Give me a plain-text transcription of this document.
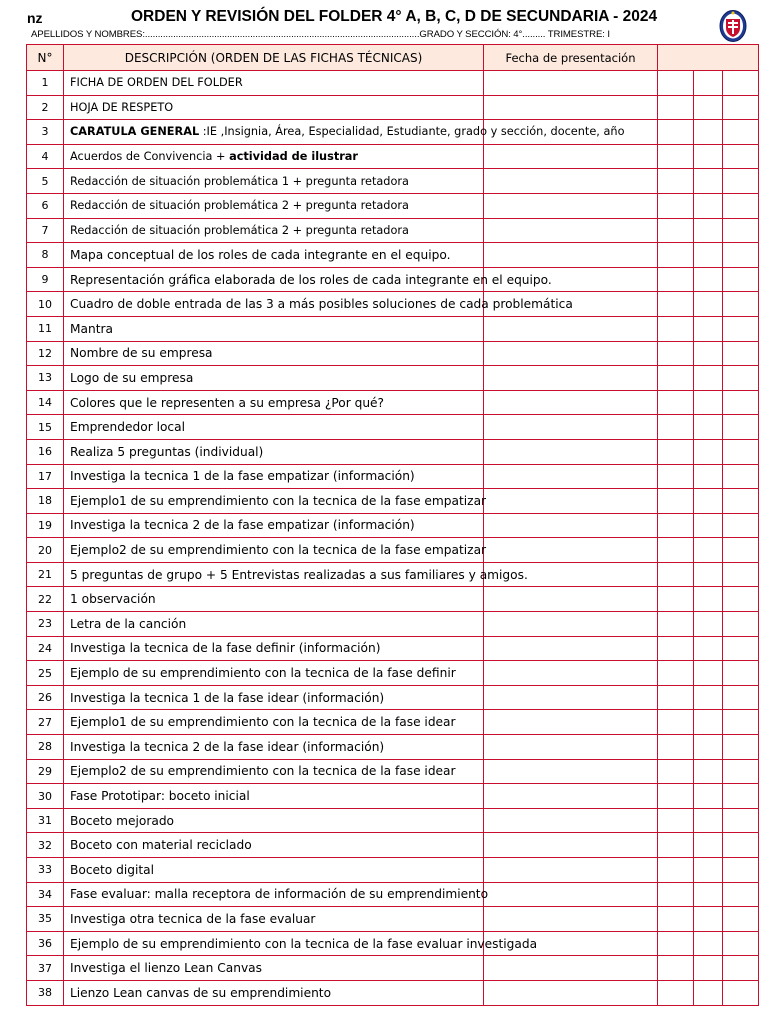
nz	ORDEN Y REVISIÓN DEL FOLDER 4° A, B, C, D DE SECUNDARIA - 2024
APELLIDOS Y NOMBRES:...........................................................................................................GRADO Y SECCIÓN: 4°......... TRIMESTRE: I
N°	DESCRIPCIÓN (ORDEN DE LAS FICHAS TÉCNICAS)	Fecha de presentación			
1	FICHA DE ORDEN DEL FOLDER				
2	HOJA DE RESPETO				
3	CARATULA GENERAL :IE ,Insignia, Área, Especialidad, Estudiante, grado y sección, docente, año				
4	Acuerdos de Convivencia + actividad de ilustrar				
5	Redacción de situación problemática 1 + pregunta retadora				
6	Redacción de situación problemática 2 + pregunta retadora				
7	Redacción de situación problemática 2 + pregunta retadora				
8	Mapa conceptual de los roles de cada integrante en el equipo.				
9	Representación gráfica elaborada de los roles de cada integrante en el equipo.				
10	Cuadro de doble entrada de las 3 a más posibles soluciones de cada problemática				
11	Mantra				
12	Nombre de su empresa				
13	Logo de su empresa				
14	Colores que le representen a su empresa ¿Por qué?				
15	Emprendedor local				
16	Realiza 5 preguntas (individual)				
17	Investiga la tecnica 1 de la fase empatizar (información)				
18	Ejemplo1 de su emprendimiento con la tecnica de la fase empatizar				
19	Investiga la tecnica 2 de la fase empatizar (información)				
20	Ejemplo2 de su emprendimiento con la tecnica de la fase empatizar				
21	5 preguntas de grupo + 5 Entrevistas realizadas a sus familiares y amigos.				
22	1 observación				
23	Letra de la canción				
24	Investiga la tecnica de la fase definir (información)				
25	Ejemplo de su emprendimiento con la tecnica de la fase definir				
26	Investiga la tecnica 1 de la fase idear (información)				
27	Ejemplo1 de su emprendimiento con la tecnica de la fase idear				
28	Investiga la tecnica 2 de la fase idear (información)				
29	Ejemplo2 de su emprendimiento con la tecnica de la fase idear				
30	Fase Prototipar: boceto inicial				
31	Boceto mejorado				
32	Boceto con material reciclado				
33	Boceto digital				
34	Fase evaluar: malla receptora de información de su emprendimiento				
35	Investiga otra tecnica de la fase evaluar				
36	Ejemplo de su emprendimiento con la tecnica de la fase evaluar investigada				
37	Investiga el lienzo Lean Canvas				
38	Lienzo Lean canvas de su emprendimiento				
